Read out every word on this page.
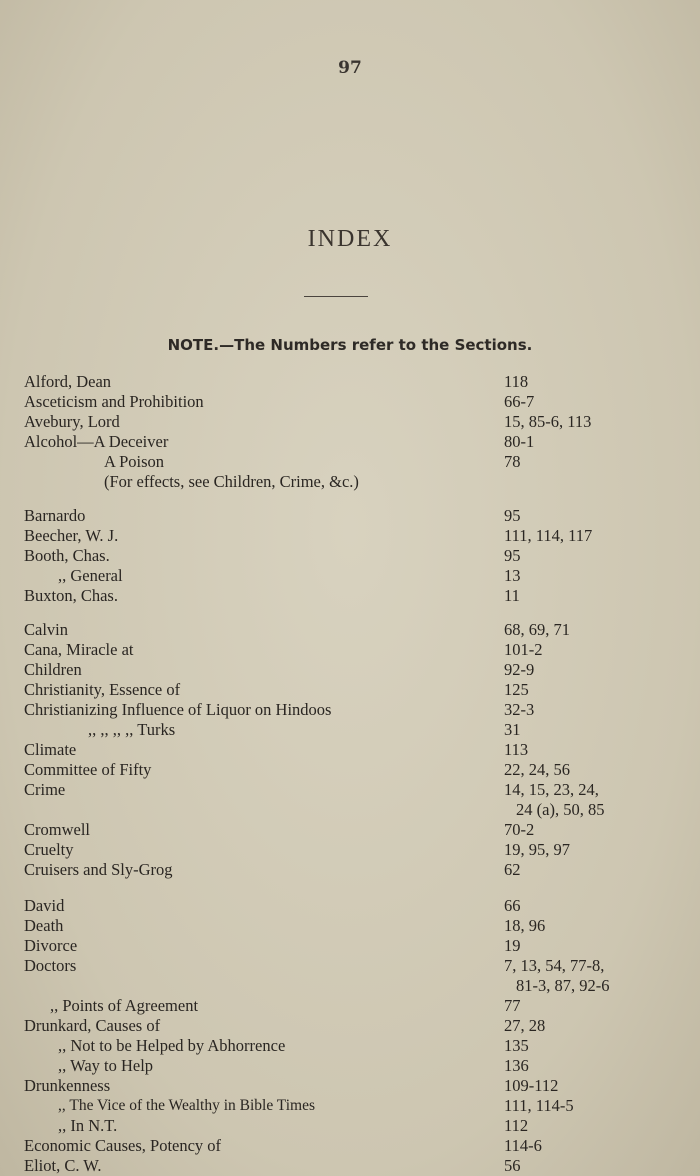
97
INDEX
NOTE.—The Numbers refer to the Sections.
Alford, Dean	118
Asceticism and Prohibition	66-7
Avebury, Lord	15, 85-6, 113
Alcohol—A Deceiver	80-1
A Poison	78
(For effects, see Children, Crime, &c.)
Barnardo	95
Beecher, W. J.	111, 114, 117
Booth, Chas.	95
,, General	13
Buxton, Chas.	11
Calvin	68, 69, 71
Cana, Miracle at	101-2
Children	92-9
Christianity, Essence of	125
Christianizing Influence of Liquor on Hindoos	32-3
,, ,, ,, ,, Turks	31
Climate	113
Committee of Fifty	22, 24, 56
Crime	14, 15, 23, 24,
24 (a), 50, 85
Cromwell	70-2
Cruelty	19, 95, 97
Cruisers and Sly-Grog	62
David	66
Death	18, 96
Divorce	19
Doctors	7, 13, 54, 77-8,
81-3, 87, 92-6
,, Points of Agreement	77
Drunkard, Causes of	27, 28
,, Not to be Helped by Abhorrence	135
,, Way to Help	136
Drunkenness	109-112
,, The Vice of the Wealthy in Bible Times	111, 114-5
,, In N.T.	112
Economic Causes, Potency of	114-6
Eliot, C. W.	56
